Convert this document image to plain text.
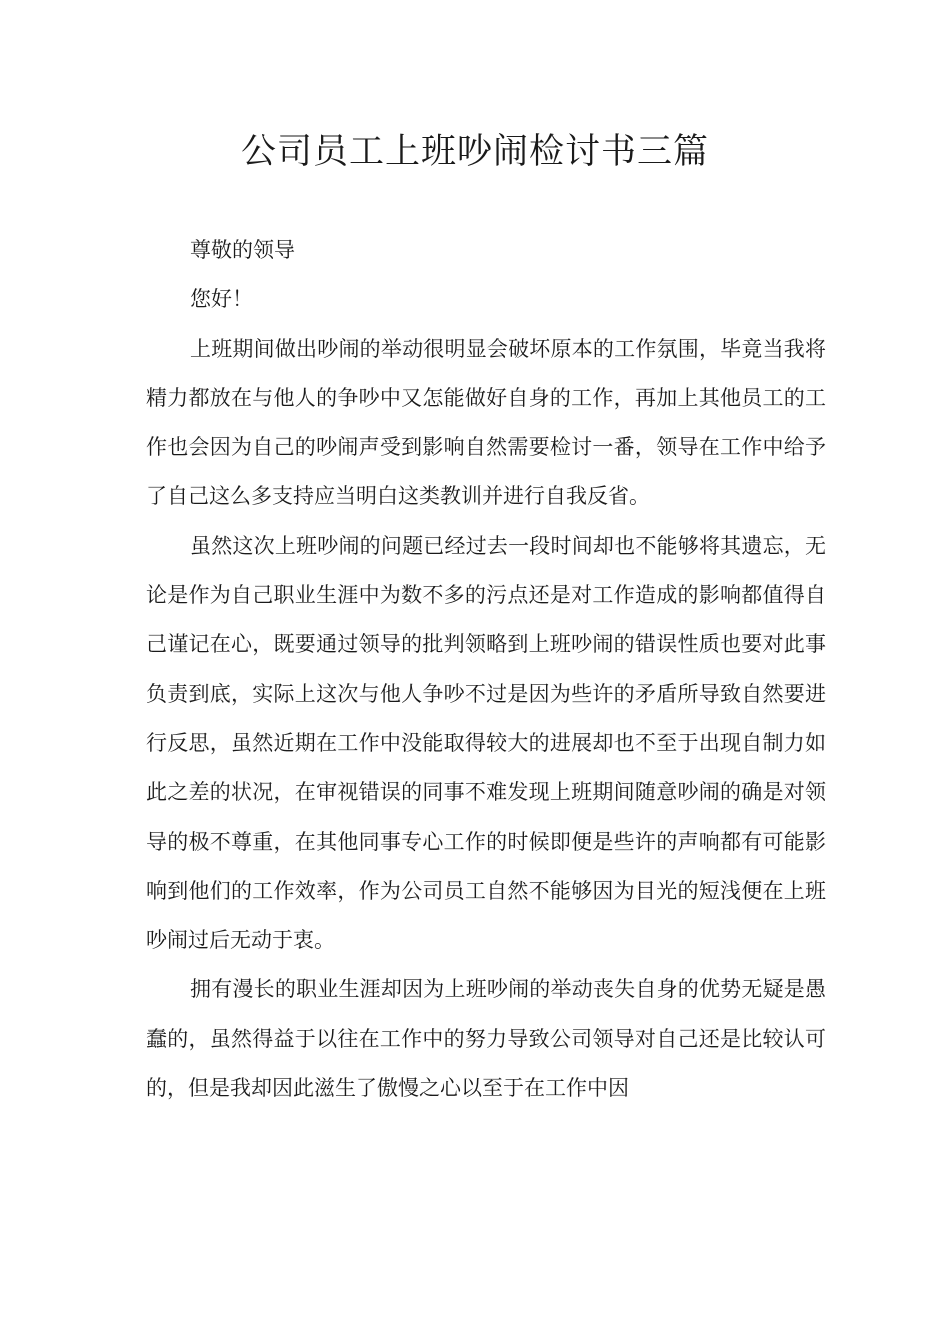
公司员工上班吵闹检讨书三篇

尊敬的领导

您好！

上班期间做出吵闹的举动很明显会破坏原本的工作氛围，毕竟当我将精力都放在与他人的争吵中又怎能做好自身的工作，再加上其他员工的工作也会因为自己的吵闹声受到影响自然需要检讨一番，领导在工作中给予了自己这么多支持应当明白这类教训并进行自我反省。

虽然这次上班吵闹的问题已经过去一段时间却也不能够将其遗忘，无论是作为自己职业生涯中为数不多的污点还是对工作造成的影响都值得自己谨记在心，既要通过领导的批判领略到上班吵闹的错误性质也要对此事负责到底，实际上这次与他人争吵不过是因为些许的矛盾所导致自然要进行反思，虽然近期在工作中没能取得较大的进展却也不至于出现自制力如此之差的状况，在审视错误的同事不难发现上班期间随意吵闹的确是对领导的极不尊重，在其他同事专心工作的时候即便是些许的声响都有可能影响到他们的工作效率，作为公司员工自然不能够因为目光的短浅便在上班吵闹过后无动于衷。

拥有漫长的职业生涯却因为上班吵闹的举动丧失自身的优势无疑是愚蠢的，虽然得益于以往在工作中的努力导致公司领导对自己还是比较认可的，但是我却因此滋生了傲慢之心以至于在工作中因
